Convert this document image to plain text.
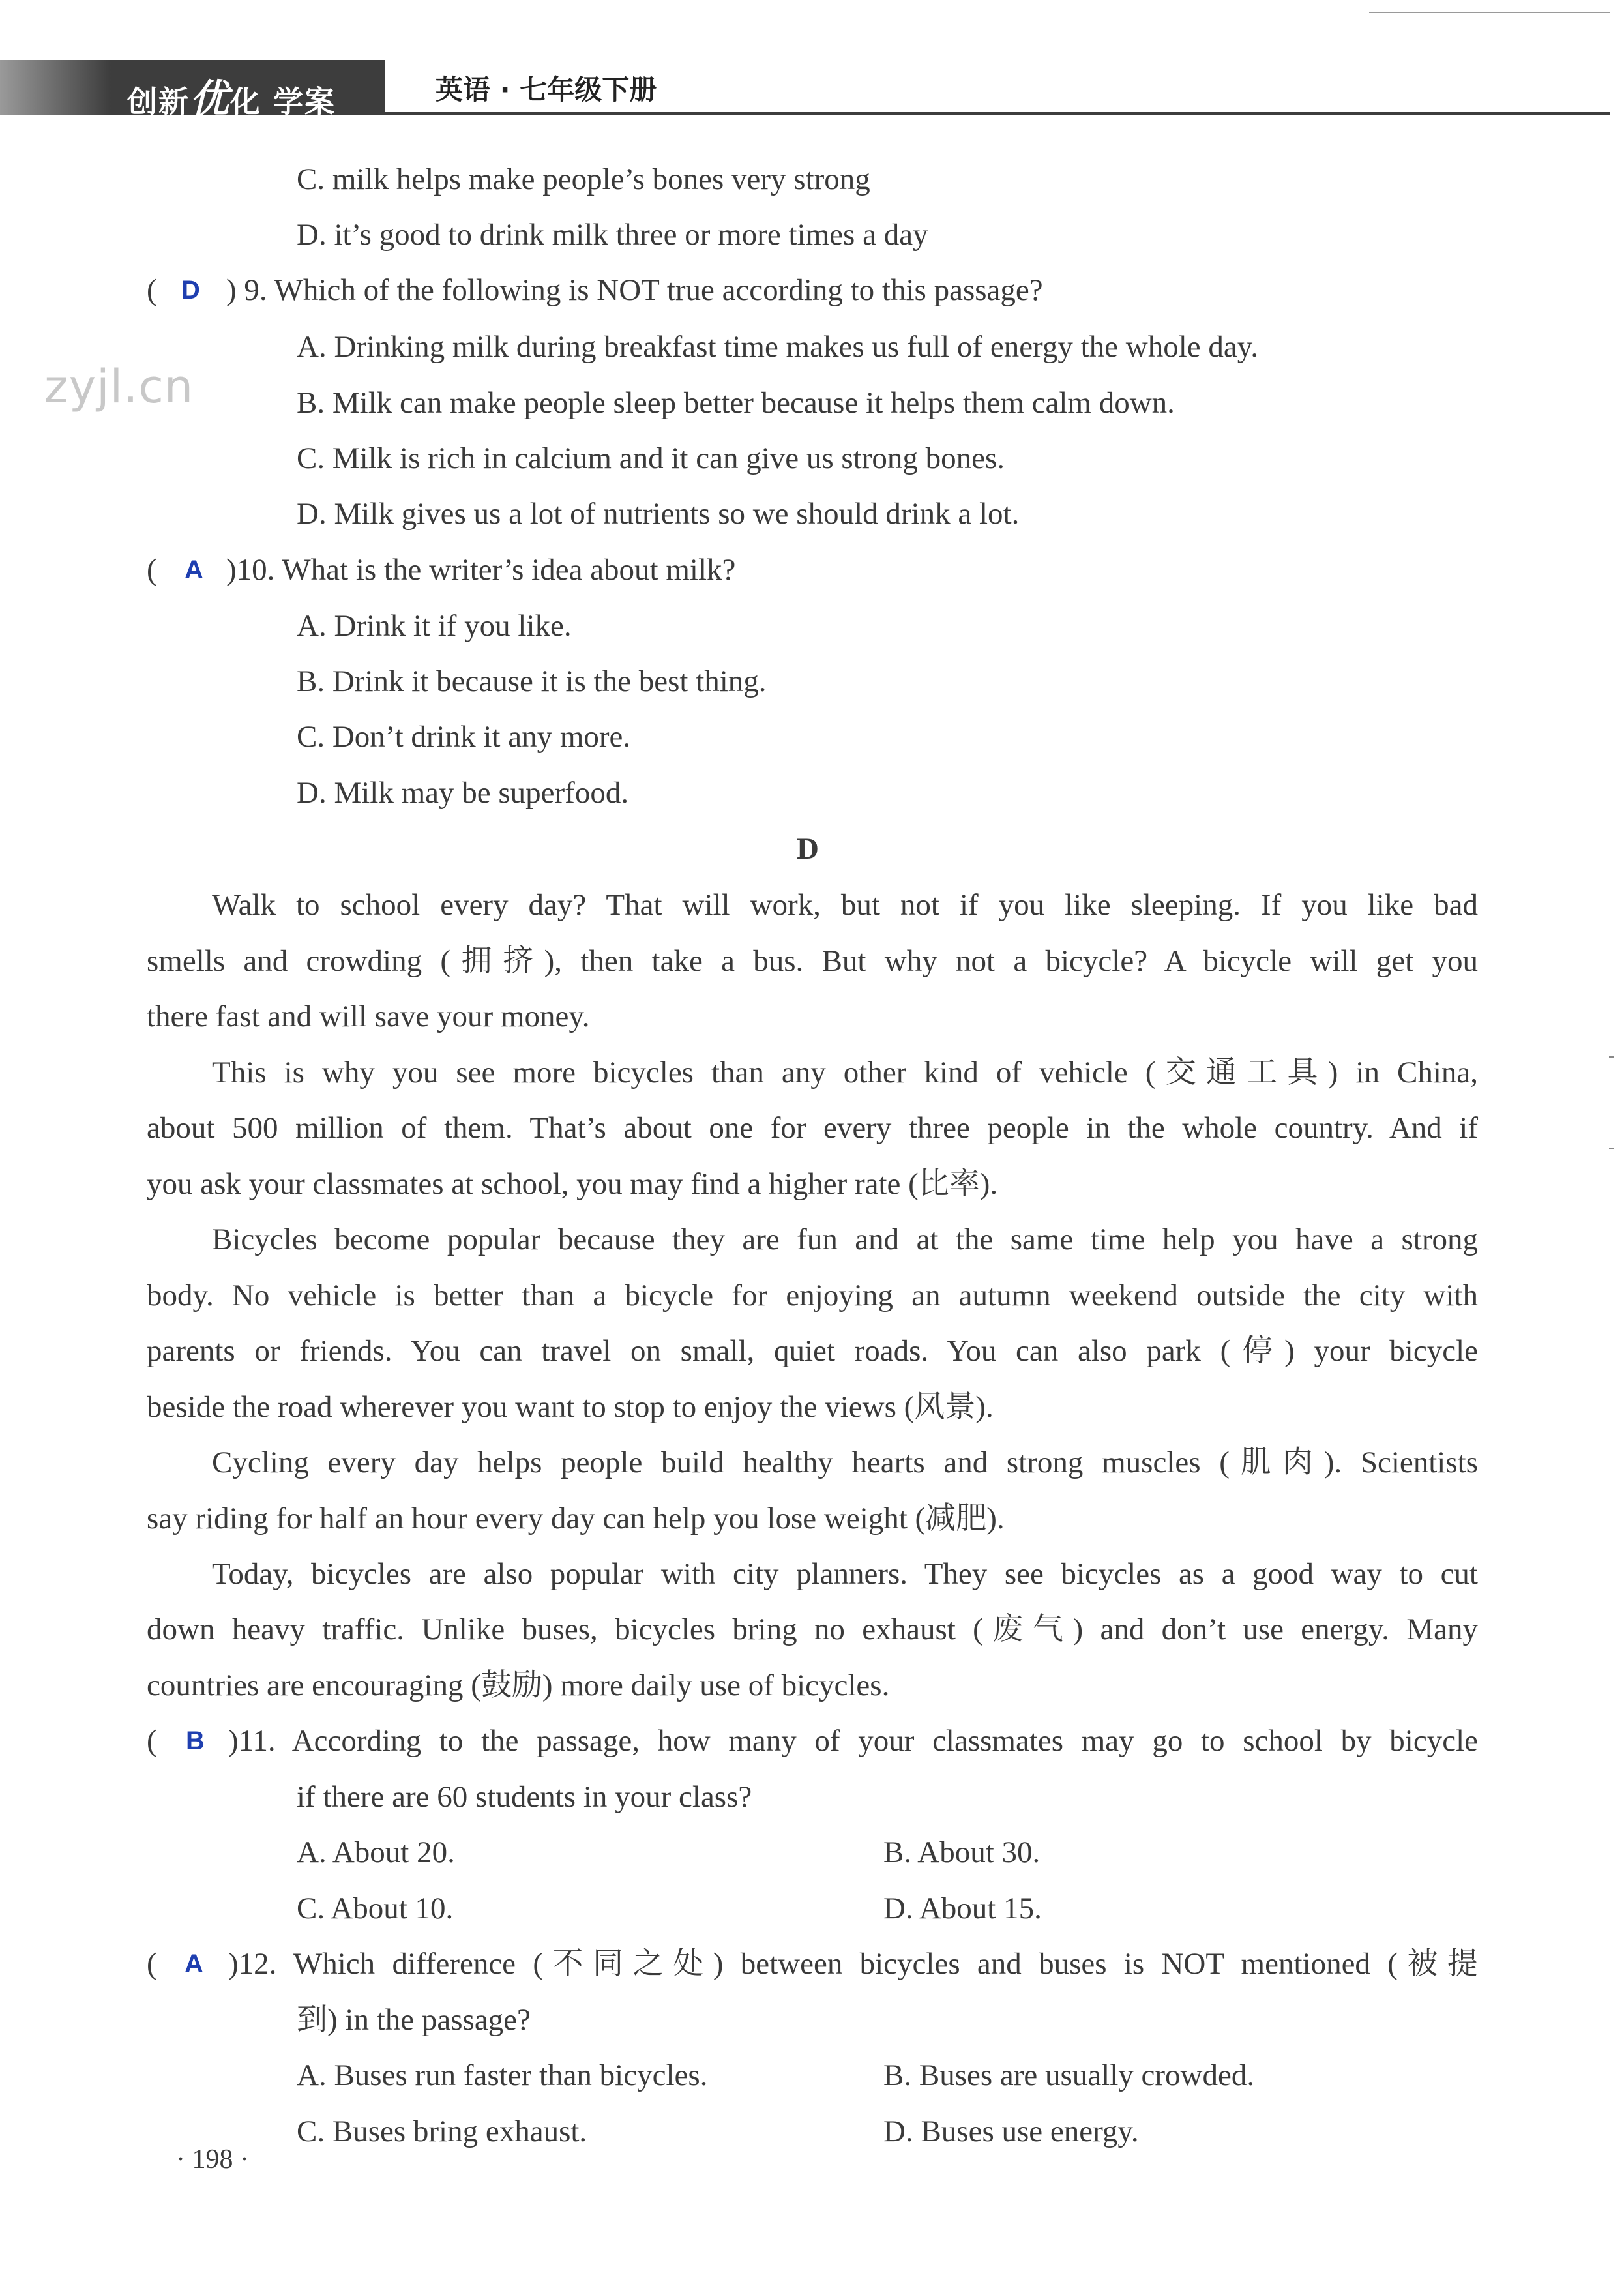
创新优化 学案	英语 · 七年级下册
zyjl.cn
C. milk helps make people’s bones very strong
D. it’s good to drink milk three or more times a day
( D ) 9. Which of the following is NOT true according to this passage?
A. Drinking milk during breakfast time makes us full of energy the whole day.
B. Milk can make people sleep better because it helps them calm down.
C. Milk is rich in calcium and it can give us strong bones.
D. Milk gives us a lot of nutrients so we should drink a lot.
( A )10. What is the writer’s idea about milk?
A. Drink it if you like.
B. Drink it because it is the best thing.
C. Don’t drink it any more.
D. Milk may be superfood.
D
Walk to school every day? That will work, but not if you like sleeping. If you like bad
smells and crowding (拥挤), then take a bus. But why not a bicycle? A bicycle will get you
there fast and will save your money.
This is why you see more bicycles than any other kind of vehicle (交通工具) in China,
about 500 million of them. That’s about one for every three people in the whole country. And if
you ask your classmates at school, you may find a higher rate (比率).
Bicycles become popular because they are fun and at the same time help you have a strong
body. No vehicle is better than a bicycle for enjoying an autumn weekend outside the city with
parents or friends. You can travel on small, quiet roads. You can also park (停) your bicycle
beside the road wherever you want to stop to enjoy the views (风景).
Cycling every day helps people build healthy hearts and strong muscles (肌肉). Scientists
say riding for half an hour every day can help you lose weight (减肥).
Today, bicycles are also popular with city planners. They see bicycles as a good way to cut
down heavy traffic. Unlike buses, bicycles bring no exhaust (废气) and don’t use energy. Many
countries are encouraging (鼓励) more daily use of bicycles.
( B )11. According to the passage, how many of your classmates may go to school by bicycle
if there are 60 students in your class?
A. About 20.	B. About 30.
C. About 10.	D. About 15.
( A )12. Which difference (不同之处) between bicycles and buses is NOT mentioned (被提
到) in the passage?
A. Buses run faster than bicycles.	B. Buses are usually crowded.
C. Buses bring exhaust.	D. Buses use energy.
· 198 ·
